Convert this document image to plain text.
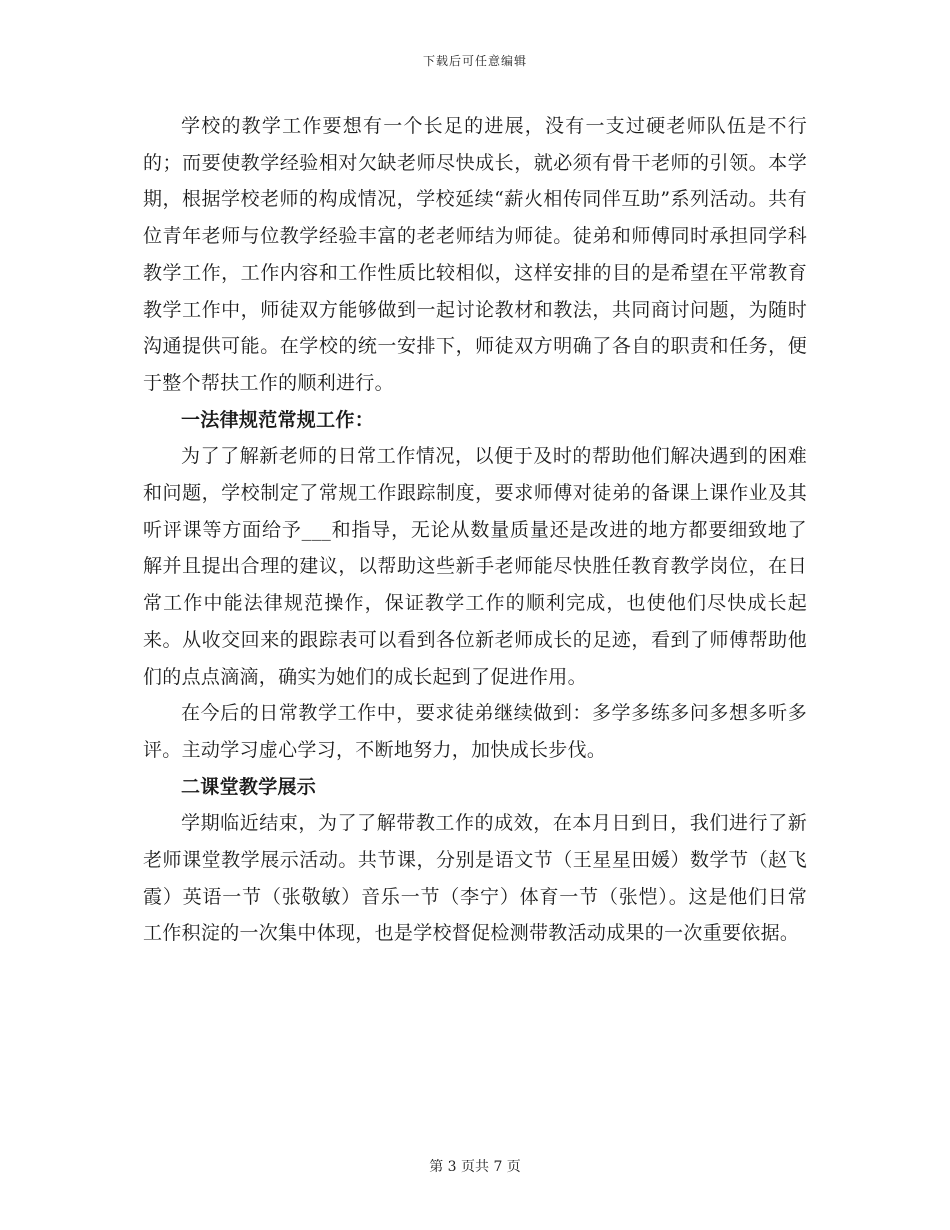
下载后可任意编辑

学校的教学工作要想有一个长足的进展，没有一支过硬老师队伍是不行的；而要使教学经验相对欠缺老师尽快成长，就必须有骨干老师的引领。本学期，根据学校老师的构成情况，学校延续“薪火相传同伴互助”系列活动。共有位青年老师与位教学经验丰富的老老师结为师徒。徒弟和师傅同时承担同学科教学工作，工作内容和工作性质比较相似，这样安排的目的是希望在平常教育教学工作中，师徒双方能够做到一起讨论教材和教法，共同商讨问题，为随时沟通提供可能。在学校的统一安排下，师徒双方明确了各自的职责和任务，便于整个帮扶工作的顺利进行。

一法律规范常规工作：

为了了解新老师的日常工作情况，以便于及时的帮助他们解决遇到的困难和问题，学校制定了常规工作跟踪制度，要求师傅对徒弟的备课上课作业及其听评课等方面给予___和指导，无论从数量质量还是改进的地方都要细致地了解并且提出合理的建议，以帮助这些新手老师能尽快胜任教育教学岗位，在日常工作中能法律规范操作，保证教学工作的顺利完成，也使他们尽快成长起来。从收交回来的跟踪表可以看到各位新老师成长的足迹，看到了师傅帮助他们的点点滴滴，确实为她们的成长起到了促进作用。

在今后的日常教学工作中，要求徒弟继续做到：多学多练多问多想多听多评。主动学习虚心学习，不断地努力，加快成长步伐。

二课堂教学展示

学期临近结束，为了了解带教工作的成效，在本月日到日，我们进行了新老师课堂教学展示活动。共节课，分别是语文节（王星星田媛）数学节（赵飞霞）英语一节（张敬敏）音乐一节（李宁）体育一节（张恺）。这是他们日常工作积淀的一次集中体现，也是学校督促检测带教活动成果的一次重要依据。

第 3 页共 7 页
